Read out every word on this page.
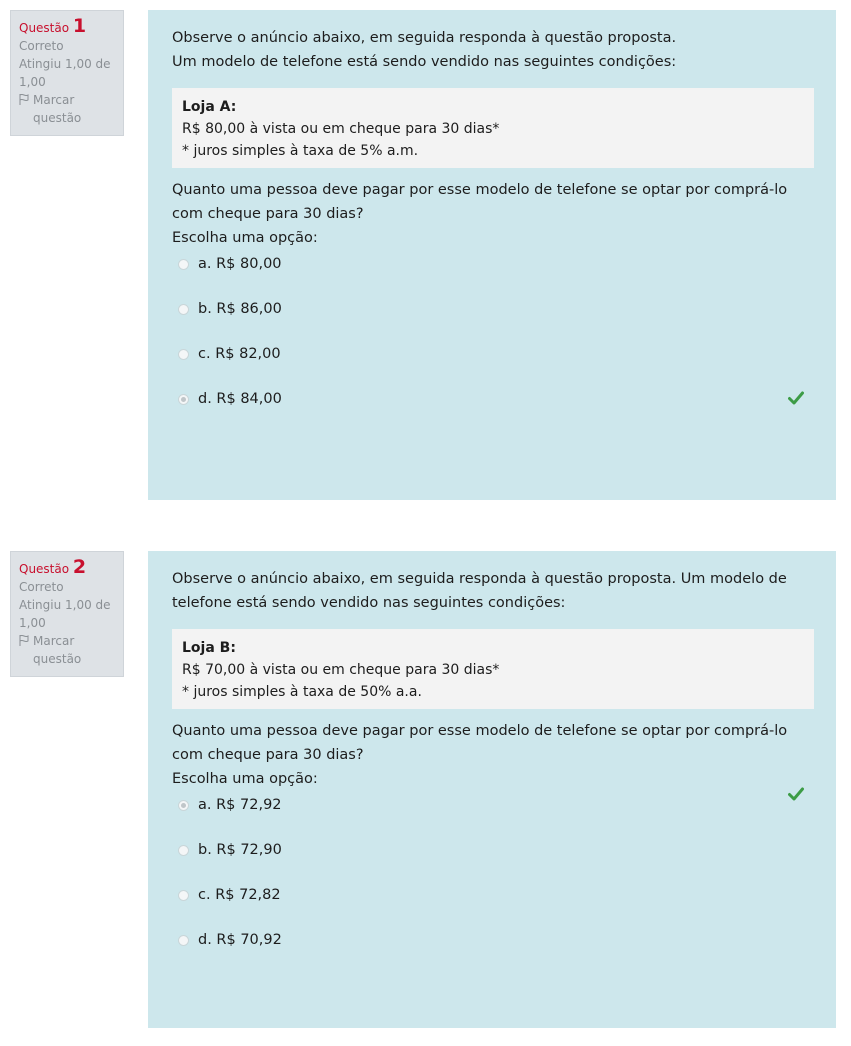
Questão 1
Correto
Atingiu 1,00 de 1,00
Marcar questão

Observe o anúncio abaixo, em seguida responda à questão proposta.

Um modelo de telefone está sendo vendido nas seguintes condições:

Loja A:
R$ 80,00 à vista ou em cheque para 30 dias*
* juros simples à taxa de 5% a.m.

Quanto uma pessoa deve pagar por esse modelo de telefone se optar por comprá-lo com cheque para 30 dias?

Escolha uma opção:

a. R$ 80,00
b. R$ 86,00
c. R$ 82,00
d. R$ 84,00
Questão 2
Correto
Atingiu 1,00 de 1,00
Marcar questão

Observe o anúncio abaixo, em seguida responda à questão proposta. Um modelo de telefone está sendo vendido nas seguintes condições:

Loja B:
R$ 70,00 à vista ou em cheque para 30 dias*
* juros simples à taxa de 50% a.a.

Quanto uma pessoa deve pagar por esse modelo de telefone se optar por comprá-lo com cheque para 30 dias?

Escolha uma opção:

a. R$ 72,92
b. R$ 72,90
c. R$ 72,82
d. R$ 70,92
